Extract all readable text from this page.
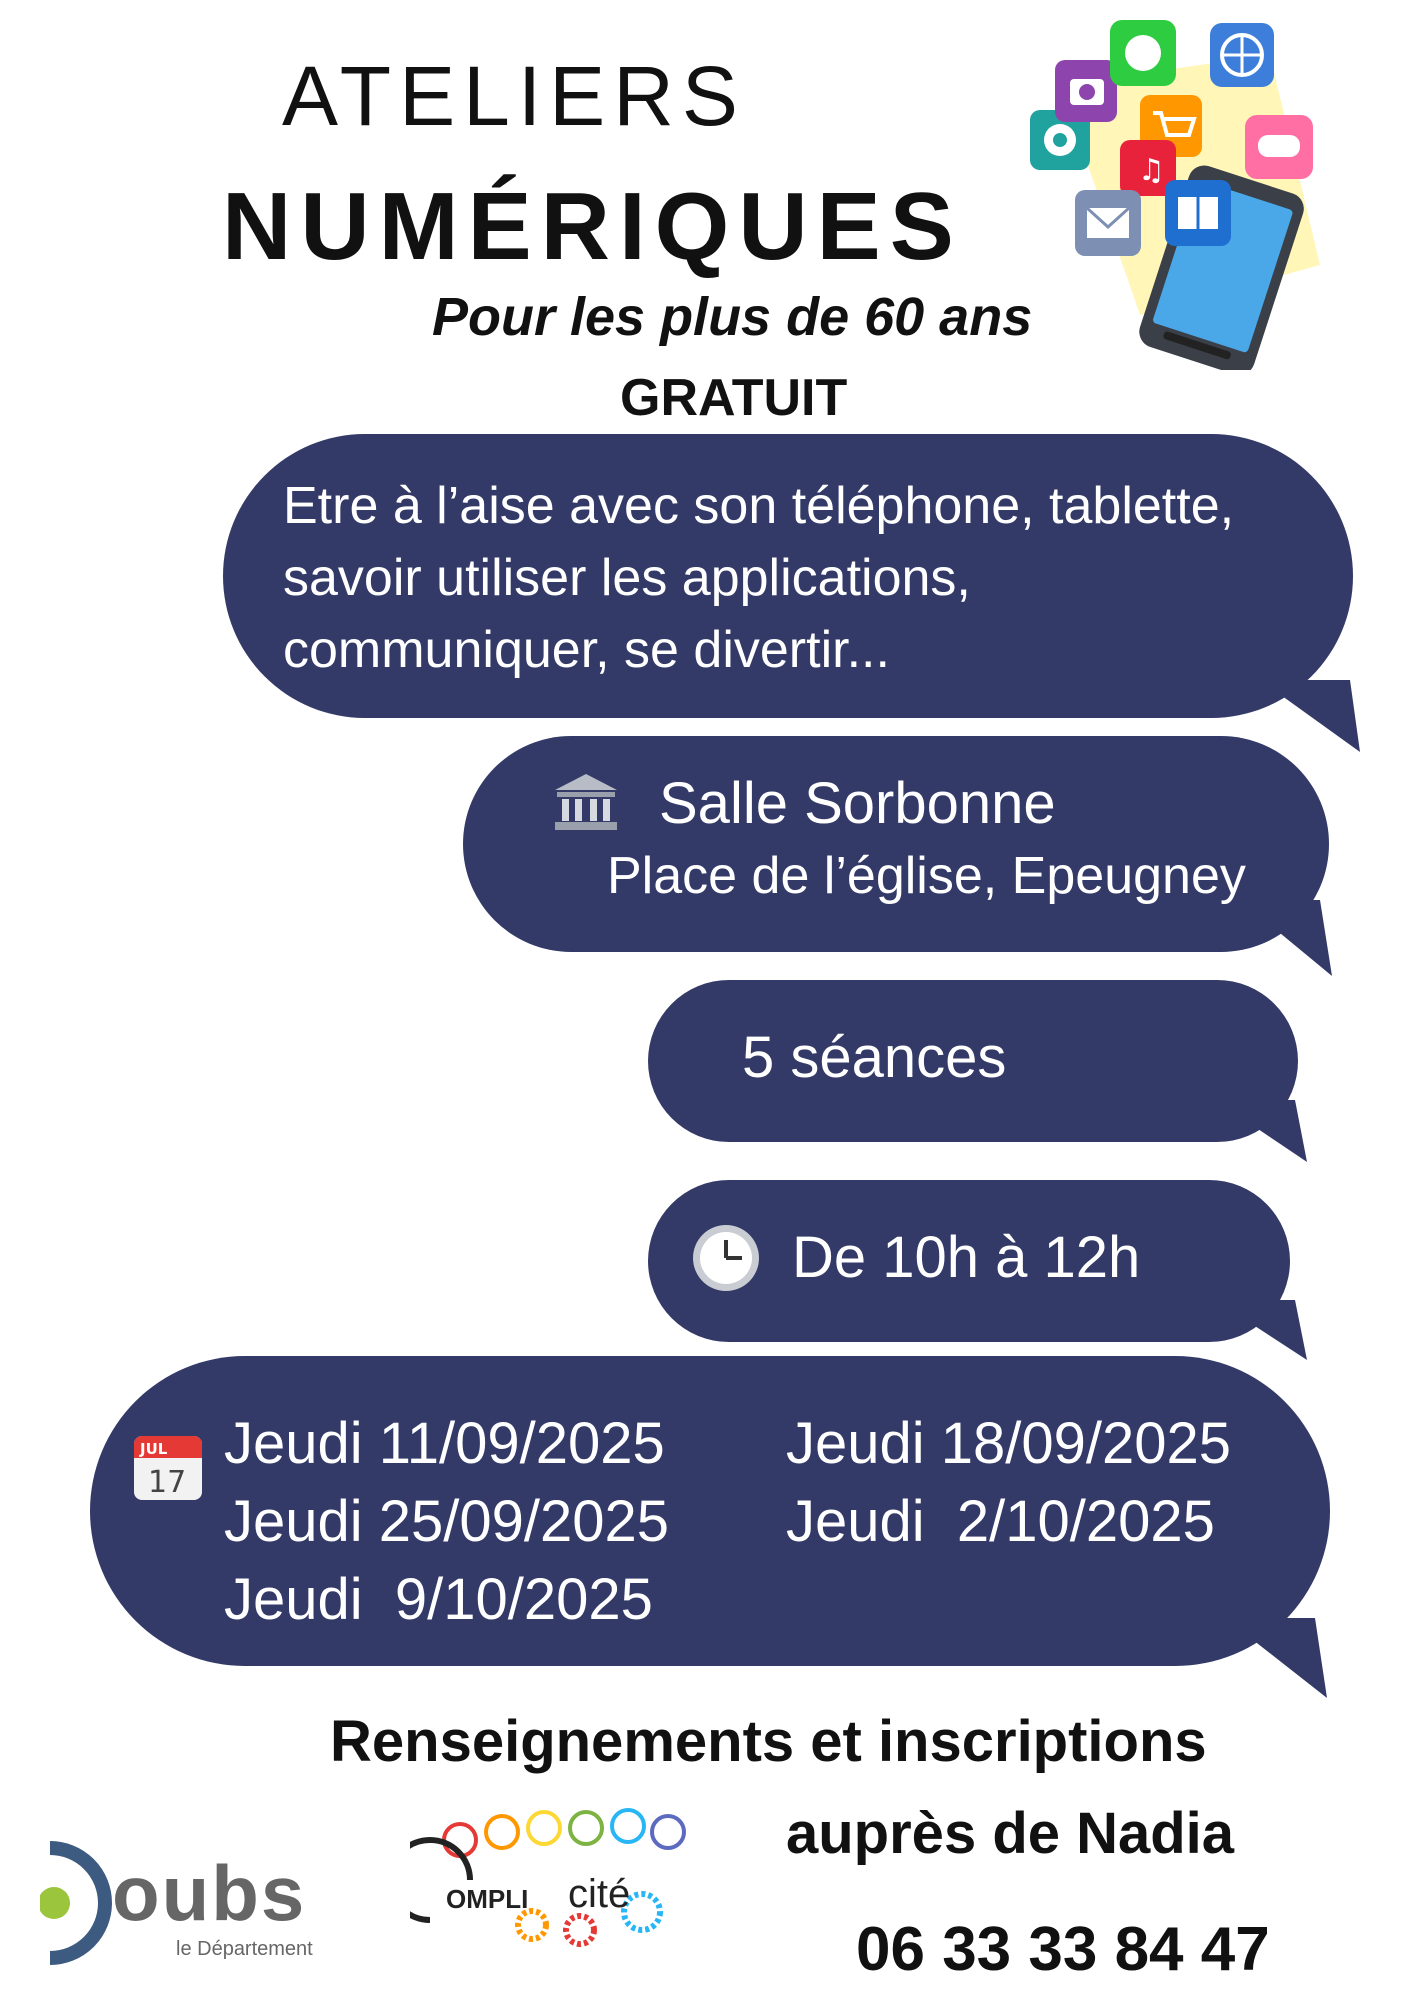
ATELIERS
NUMÉRIQUES
Pour les plus de 60 ans
GRATUIT
♫
Etre à l’aise avec son téléphone, tablette,
savoir utiliser les applications,
communiquer, se divertir...
Salle Sorbonne
Place de l’église, Epeugney
5 séances
De 10h à 12h
JUL
17
Jeudi 11/09/2025 Jeudi 18/09/2025
Jeudi 25/09/2025 Jeudi  2/10/2025
Jeudi  9/10/2025
Renseignements et inscriptions
auprès de Nadia
06 33 33 84 47
oubs
le Département
OMPLI cité
